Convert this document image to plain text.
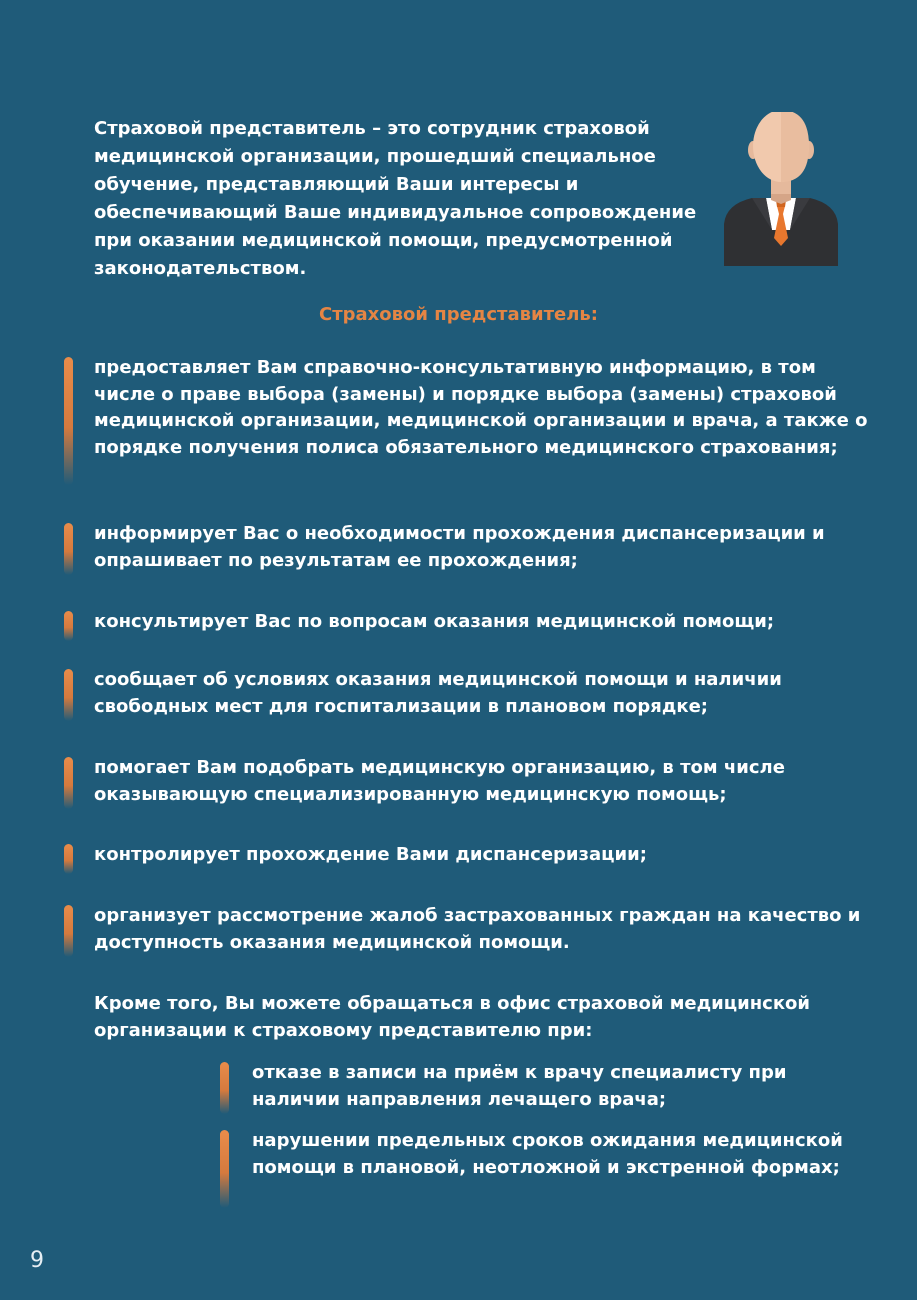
Страховой представитель – это сотрудник страховой медицинской организации, прошедший специальное обучение, представляющий Ваши интересы и обеспечивающий Ваше индивидуальное сопровождение при оказании медицинской помощи, предусмотренной законодательством.

Страховой представитель:

предоставляет Вам справочно-консультативную информацию, в том числе о праве выбора (замены) и порядке выбора (замены) страховой медицинской организации, медицинской организации и врача, а также о порядке получения полиса обязательного медицинского страхования;
информирует Вас о необходимости прохождения диспансеризации и опрашивает по результатам ее прохождения;
консультирует Вас по вопросам оказания медицинской помощи;
сообщает об условиях оказания медицинской помощи и наличии свободных мест для госпитализации в плановом порядке;
помогает Вам подобрать медицинскую организацию, в том числе оказывающую специализированную медицинскую помощь;
контролирует прохождение Вами диспансеризации;
организует рассмотрение жалоб застрахованных граждан на качество и доступность оказания медицинской помощи.

Кроме того, Вы можете обращаться в офис страховой медицинской организации к страховому представителю при:

отказе в записи на приём к врачу специалисту при наличии направления лечащего врача;
нарушении предельных сроков ожидания медицинской помощи в плановой, неотложной и экстренной формах;
9
